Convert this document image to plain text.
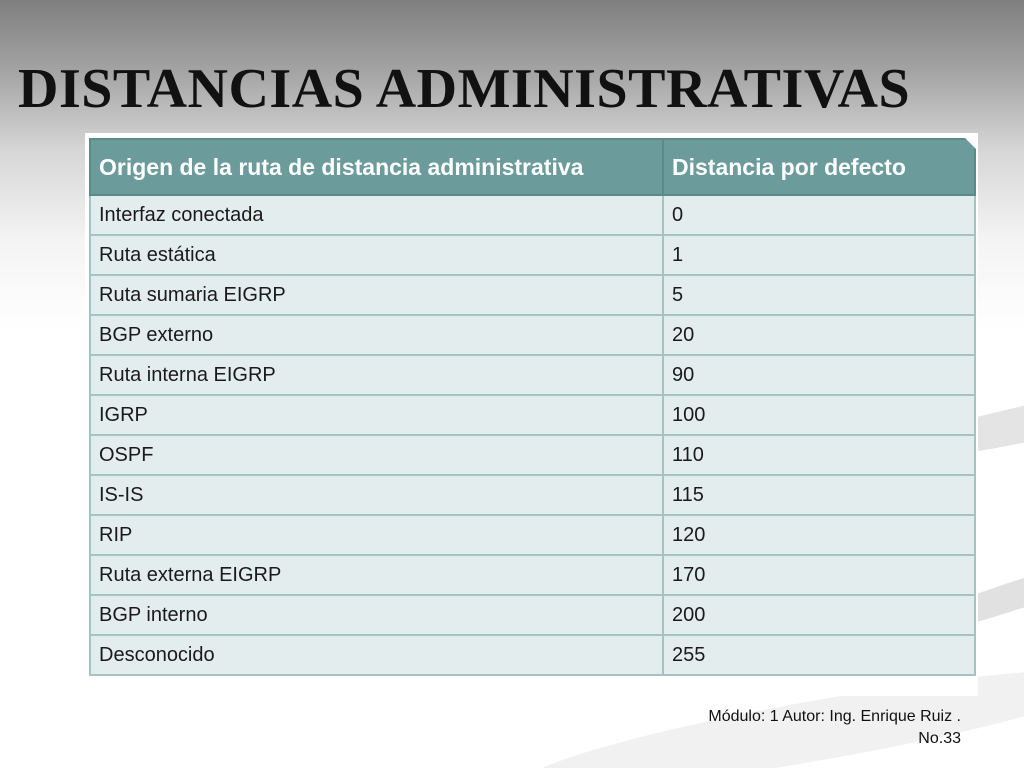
DISTANCIAS ADMINISTRATIVAS
Origen de la ruta de distancia administrativa	Distancia por defecto
Interfaz conectada	0
Ruta estática	1
Ruta sumaria EIGRP	5
BGP externo	20
Ruta interna EIGRP	90
IGRP	100
OSPF	110
IS-IS	115
RIP	120
Ruta externa EIGRP	170
BGP interno	200
Desconocido	255
Módulo: 1 Autor: Ing. Enrique Ruiz .
No.33
